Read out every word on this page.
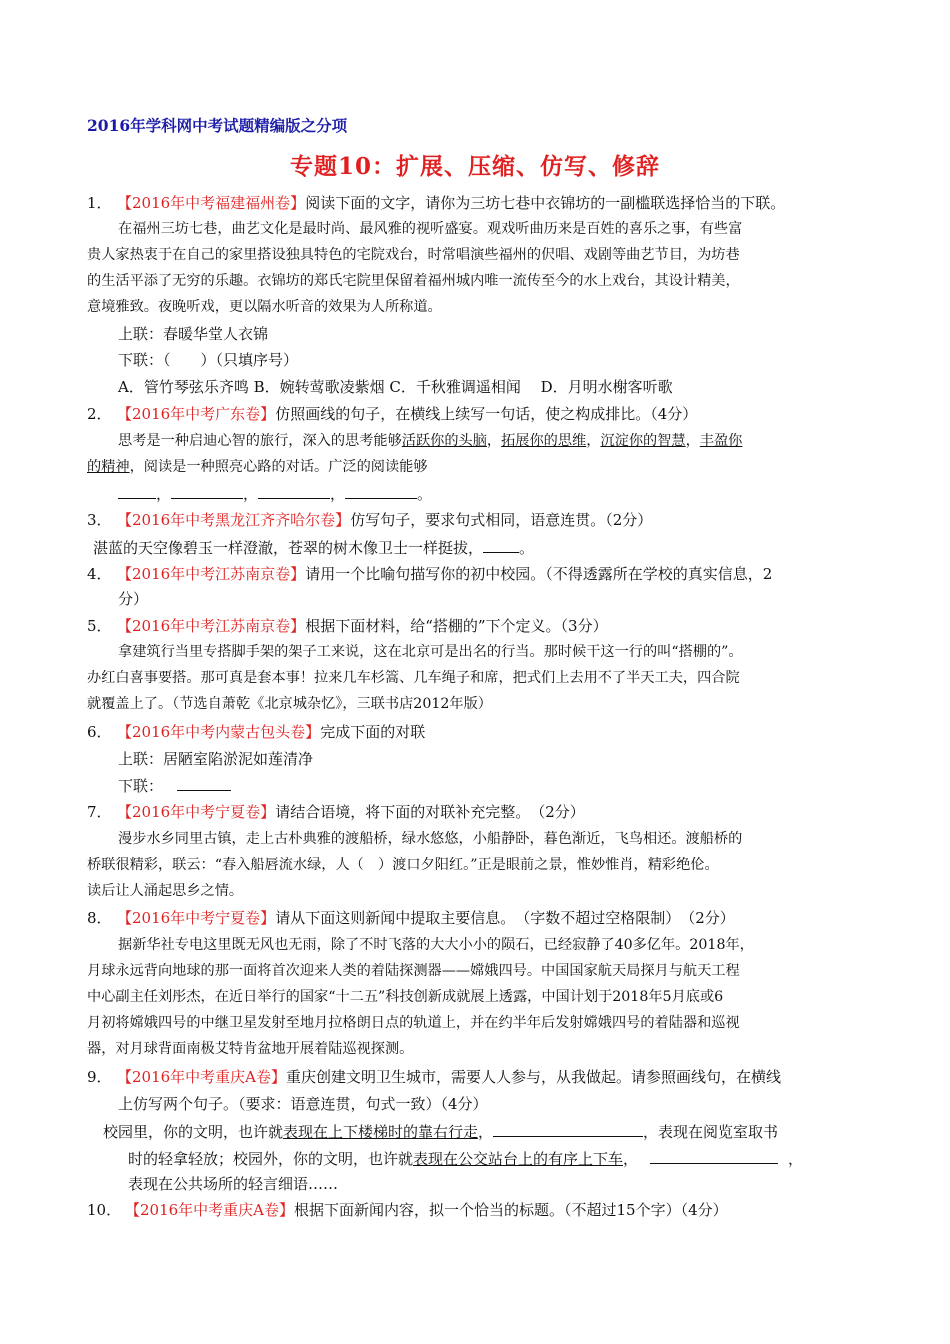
2016年学科网中考试题精编版之分项
专题10：扩展、压缩、仿写、修辞
1． 【2016年中考福建福州卷】阅读下面的文字，请你为三坊七巷中衣锦坊的一副槛联选择恰当的下联。
在福州三坊七巷，曲艺文化是最时尚、最风雅的视听盛宴。观戏听曲历来是百姓的喜乐之事，有些富
贵人家热衷于在自己的家里搭设独具特色的宅院戏台，时常唱演些福州的伬唱、戏剧等曲艺节目，为坊巷
的生活平添了无穷的乐趣。衣锦坊的郑氏宅院里保留着福州城内唯一流传至今的水上戏台，其设计精美，
意境雅致。夜晚听戏，更以隔水听音的效果为人所称道。
上联：春暖华堂人衣锦
下联：（　　）（只填序号）
A．管竹琴弦乐齐鸣 B．婉转莺歌凌紫烟 C．千秋雅调遥相闻　 D．月明水榭客听歌
2． 【2016年中考广东卷】仿照画线的句子，在横线上续写一句话，使之构成排比。（4分）
思考是一种启迪心智的旅行，深入的思考能够活跃你的头脑，拓展你的思维，沉淀你的智慧，丰盈你
的精神，阅读是一种照亮心路的对话。广泛的阅读能够
，	，	，	。
3． 【2016年中考黑龙江齐齐哈尔卷】仿写句子，要求句式相同，语意连贯。（2分）
湛蓝的天空像碧玉一样澄澈，苍翠的树木像卫士一样挺拔， 。
4． 【2016年中考江苏南京卷】请用一个比喻句描写你的初中校园。（不得透露所在学校的真实信息，2
分）
5． 【2016年中考江苏南京卷】根据下面材料，给“搭棚的”下个定义。（3分）
拿建筑行当里专搭脚手架的架子工来说，这在北京可是出名的行当。那时候干这一行的叫“搭棚的”。
办红白喜事要搭。那可真是套本事！拉来几车杉篙、几车绳子和席，把式们上去用不了半天工夫，四合院
就覆盖上了。（节选自萧乾《北京城杂忆》，三联书店2012年版）
6． 【2016年中考内蒙古包头卷】完成下面的对联
上联：居陋室陷淤泥如莲清净
下联：
7． 【2016年中考宁夏卷】请结合语境，将下面的对联补充完整。　（2分）
漫步水乡同里古镇，走上古朴典雅的渡船桥，绿水悠悠，小船静卧，暮色渐近，飞鸟相还。渡船桥的
桥联很精彩，联云：“春入船唇流水绿，人（　）渡口夕阳红。”正是眼前之景，惟妙惟肖，精彩绝伦。
读后让人涌起思乡之情。
8． 【2016年中考宁夏卷】请从下面这则新闻中提取主要信息。　（字数不超过空格限制）　（2分）
据新华社专电这里既无风也无雨，除了不时飞落的大大小小的陨石，已经寂静了40多亿年。2018年，
月球永远背向地球的那一面将首次迎来人类的着陆探测器——嫦娥四号。中国国家航天局探月与航天工程
中心副主任刘彤杰，在近日举行的国家“十二五”科技创新成就展上透露，中国计划于2018年5月底或6
月初将嫦娥四号的中继卫星发射至地月拉格朗日点的轨道上，并在约半年后发射嫦娥四号的着陆器和巡视
器，对月球背面南极艾特肯盆地开展着陆巡视探测。
9． 【2016年中考重庆A卷】重庆创建文明卫生城市，需要人人参与，从我做起。请参照画线句，在横线
上仿写两个句子。（要求：语意连贯，句式一致）（4分）
校园里，你的文明，也许就表现在上下楼梯时的靠右行走，	，表现在阅览室取书
时的轻拿轻放；校园外，你的文明，也许就表现在公交站台上的有序上下车，	，
表现在公共场所的轻言细语……
10． 【2016年中考重庆A卷】根据下面新闻内容，拟一个恰当的标题。（不超过15个字）（4分）
